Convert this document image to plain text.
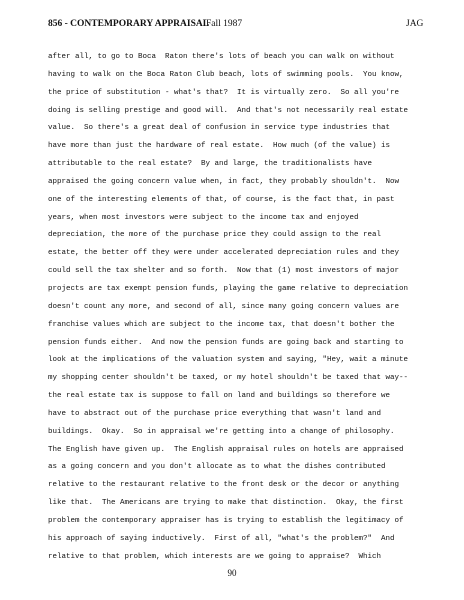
856 - CONTEMPORARY APPRAISAL
Fall 1987	JAG
after all, to go to Boca  Raton there's lots of beach you can walk on without
having to walk on the Boca Raton Club beach, lots of swimming pools.  You know,
the price of substitution - what's that?  It is virtually zero.  So all you're
doing is selling prestige and good will.  And that's not necessarily real estate
value.  So there's a great deal of confusion in service type industries that
have more than just the hardware of real estate.  How much (of the value) is
attributable to the real estate?  By and large, the traditionalists have
appraised the going concern value when, in fact, they probably shouldn't.  Now
one of the interesting elements of that, of course, is the fact that, in past
years, when most investors were subject to the income tax and enjoyed
depreciation, the more of the purchase price they could assign to the real
estate, the better off they were under accelerated depreciation rules and they
could sell the tax shelter and so forth.  Now that (1) most investors of major
projects are tax exempt pension funds, playing the game relative to depreciation
doesn't count any more, and second of all, since many going concern values are
franchise values which are subject to the income tax, that doesn't bother the
pension funds either.  And now the pension funds are going back and starting to
look at the implications of the valuation system and saying, "Hey, wait a minute
my shopping center shouldn't be taxed, or my hotel shouldn't be taxed that way--
the real estate tax is suppose to fall on land and buildings so therefore we
have to abstract out of the purchase price everything that wasn't land and
buildings.  Okay.  So in appraisal we're getting into a change of philosophy.
The English have given up.  The English appraisal rules on hotels are appraised
as a going concern and you don't allocate as to what the dishes contributed
relative to the restaurant relative to the front desk or the decor or anything
like that.  The Americans are trying to make that distinction.  Okay, the first
problem the contemporary appraiser has is trying to establish the legitimacy of
his approach of saying inductively.  First of all, "what's the problem?"  And
relative to that problem, which interests are we going to appraise?  Which
90
